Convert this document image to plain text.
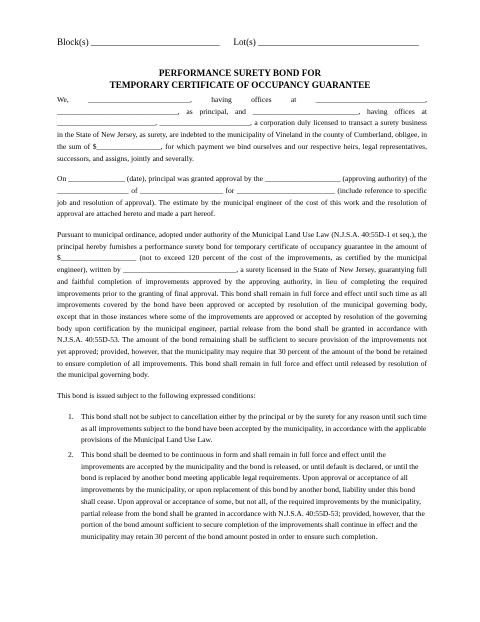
Block(s) ____________________________      Lot(s) ___________________________________
PERFORMANCE SURETY BOND FOR
TEMPORARY CERTIFICATE OF OCCUPANCY GUARANTEE

We, ___________________________, having offices at _____________________________, ________________________________, as principal, and ____________________________, having offices at __________________________, ________________________, a corporation duly licensed to transact a surety business in the State of New Jersey, as surety, are indebted to the municipality of Vineland in the county of Cumberland, obligee, in the sum of $_________________, for which payment we bind ourselves and our respective heirs, legal representatives, successors, and assigns, jointly and severally.

On _______________ (date), principal was granted approval by the ____________________ (approving authority) of the ___________________ of ______________________ for __________________________ (include reference to specific job and resolution of approval). The estimate by the municipal engineer of the cost of this work and the resolution of approval are attached hereto and made a part hereof.

Pursuant to municipal ordinance, adopted under authority of the Municipal Land Use Law (N.J.S.A. 40:55D-1 et seq.), the principal hereby furnishes a performance surety bond for temporary certificate of occupancy guarantee in the amount of $____________________ (not to exceed 120 percent of the cost of the improvements, as certified by the municipal engineer), written by ______________________________, a surety licensed in the State of New Jersey, guarantying full and faithful completion of improvements approved by the approving authority, in lieu of completing the required improvements prior to the granting of final approval. This bond shall remain in full force and effect until such time as all improvements covered by the bond have been approved or accepted by resolution of the municipal governing body, except that in those instances where some of the improvements are approved or accepted by resolution of the governing body upon certification by the municipal engineer, partial release from the bond shall be granted in accordance with N.J.S.A. 40:55D-53. The amount of the bond remaining shall be sufficient to secure provision of the improvements not yet approved; provided, however, that the municipality may require that 30 percent of the amount of the bond be retained to ensure completion of all improvements. This bond shall remain in full force and effect until released by resolution of the municipal governing body.

This bond is issued subject to the following expressed conditions:

1. This bond shall not be subject to cancellation either by the principal or by the surety for any reason until such time as all improvements subject to the bond have been accepted by the municipality, in accordance with the applicable provisions of the Municipal Land Use Law.
2. This bond shall be deemed to be continuous in form and shall remain in full force and effect until the improvements are accepted by the municipality and the bond is released, or until default is declared, or until the bond is replaced by another bond meeting applicable legal requirements. Upon approval or acceptance of all improvements by the municipality, or upon replacement of this bond by another bond, liability under this bond shall cease. Upon approval or acceptance of some, but not all, of the required improvements by the municipality, partial release from the bond shall be granted in accordance with N.J.S.A. 40:55D-53; provided, however, that the portion of the bond amount sufficient to secure completion of the improvements shall continue in effect and the municipality may retain 30 percent of the bond amount posted in order to ensure such completion.
